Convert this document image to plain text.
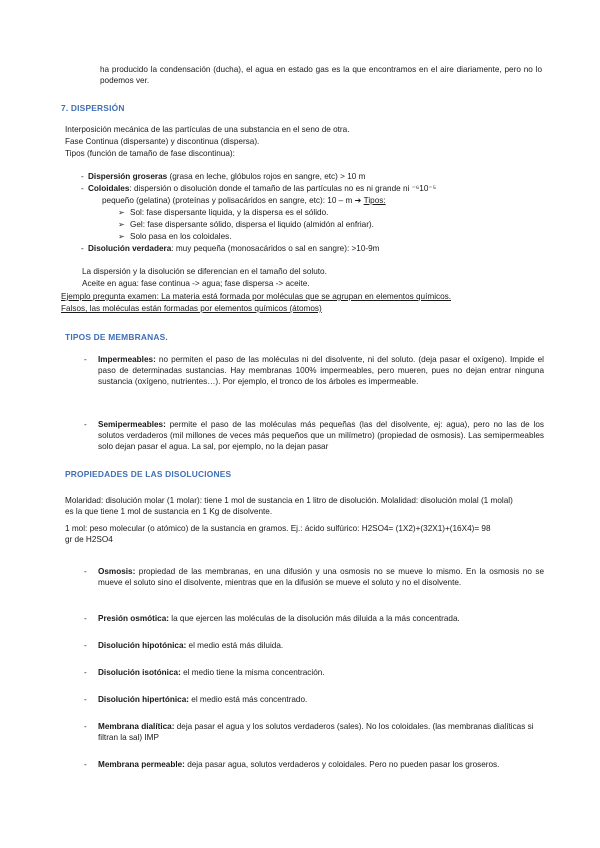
ha producido la condensación (ducha), el agua en estado gas es la que encontramos en el aire diariamente, pero no lo podemos ver.

7. DISPERSIÓN

Interposición mecánica de las partículas de una substancia en el seno de otra.

Fase Continua (dispersante) y discontinua (dispersa).

Tipos (función de tamaño de fase discontinua):

- Dispersión groseras (grasa en leche, glóbulos rojos en sangre, etc) > 10 m

- Coloidales: dispersión o disolución donde el tamaño de las partículas no es ni grande ni ⁻⁶10⁻⁵

pequeño (gelatina) (proteínas y polisacáridos en sangre, etc): 10 – m ➔ Tipos:

➢ Sol: fase dispersante liquida, y la dispersa es el sólido.

➢ Gel: fase dispersante sólido, dispersa el liquido (almidón al enfriar).

➢ Solo pasa en los coloidales.

- Disolución verdadera: muy pequeña (monosacáridos o sal en sangre): >10-9m

La dispersión y la disolución se diferencian en el tamaño del soluto.

Aceite en agua: fase continua -> agua; fase dispersa -> aceite.

Ejemplo pregunta examen: La materia está formada por moléculas que se agrupan en elementos químicos.

Falsos, las moléculas están formadas por elementos químicos (átomos)

TIPOS DE MEMBRANAS.

- Impermeables: no permiten el paso de las moléculas ni del disolvente, ni del soluto. (deja pasar el oxígeno). Impide el paso de determinadas sustancias. Hay membranas 100% impermeables, pero mueren, pues no dejan entrar ninguna sustancia (oxígeno, nutrientes…). Por ejemplo, el tronco de los árboles es impermeable.

- Semipermeables: permite el paso de las moléculas más pequeñas (las del disolvente, ej: agua), pero no las de los solutos verdaderos (mil millones de veces más pequeños que un milímetro) (propiedad de osmosis). Las semipermeables solo dejan pasar el agua. La sal, por ejemplo, no la dejan pasar

PROPIEDADES DE LAS DISOLUCIONES

Molaridad: disolución molar (1 molar): tiene 1 mol de sustancia en 1 litro de disolución. Molalidad: disolución molal (1 molal) es la que tiene 1 mol de sustancia en 1 Kg de disolvente.

1 mol: peso molecular (o atómico) de la sustancia en gramos. Ej.: ácido sulfúrico: H2SO4= (1X2)+(32X1)+(16X4)= 98 gr de H2SO4

- Osmosis: propiedad de las membranas, en una difusión y una osmosis no se mueve lo mismo. En la osmosis no se mueve el soluto sino el disolvente, mientras que en la difusión se mueve el soluto y no el disolvente.

- Presión osmótica: la que ejercen las moléculas de la disolución más diluida a la más concentrada.

- Disolución hipotónica: el medio está más diluida.

- Disolución isotónica: el medio tiene la misma concentración.

- Disolución hipertónica: el medio está más concentrado.

- Membrana dialítica: deja pasar el agua y los solutos verdaderos (sales). No los coloidales. (las membranas dialíticas si filtran la sal) IMP

- Membrana permeable: deja pasar agua, solutos verdaderos y coloidales. Pero no pueden pasar los groseros.
